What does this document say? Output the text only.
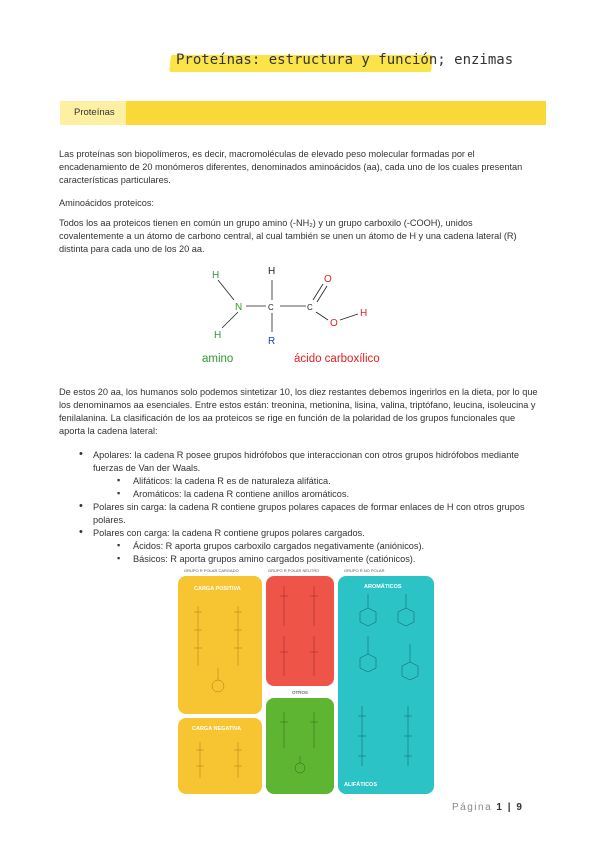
Proteínas: estructura y función; enzimas
Proteínas
Las proteínas son biopolímeros, es decir, macromoléculas de elevado peso molecular formadas por el encadenamiento de 20 monómeros diferentes, denominados aminoácidos (aa), cada uno de los cuales presentan características particulares.
Aminoácidos proteicos:
Todos los aa proteicos tienen en común un grupo amino (-NH₂) y un grupo carboxilo (-COOH), unidos covalentemente a un átomo de carbono central, al cual también se unen un átomo de H y una cadena lateral (R) distinta para cada uno de los 20 aa.
H
N
H
H
C
R
C
O
O
H
amino	ácido carboxílico
De estos 20 aa, los humanos solo podemos sintetizar 10, los diez restantes debemos ingerirlos en la dieta, por lo que los denominamos aa esenciales. Entre estos están: treonina, metionina, lisina, valina, triptófano, leucina, isoleucina y fenilalanina. La clasificación de los aa proteicos se rige en función de la polaridad de los grupos funcionales que aporta la cadena lateral:
• Apolares: la cadena R posee grupos hidrófobos que interaccionan con otros grupos hidrófobos mediante fuerzas de Van der Waals.
▪ Alifáticos: la cadena R es de naturaleza alifática.
▪ Aromáticos: la cadena R contiene anillos aromáticos.
• Polares sin carga: la cadena R contiene grupos polares capaces de formar enlaces de H con otros grupos polares.
• Polares con carga: la cadena R contiene grupos polares cargados.
▪ Ácidos: R aporta grupos carboxilo cargados negativamente (aniónicos).
▪ Básicos: R aporta grupos amino cargados positivamente (catiónicos).
GRUPO R POLAR CARGADO	GRUPO R POLAR NEUTRO	GRUPO R NO POLAR
CARGA POSITIVA
CARGA NEGATIVA
OTROS
AROMÁTICOS
ALIFÁTICOS
Página 1 | 9
